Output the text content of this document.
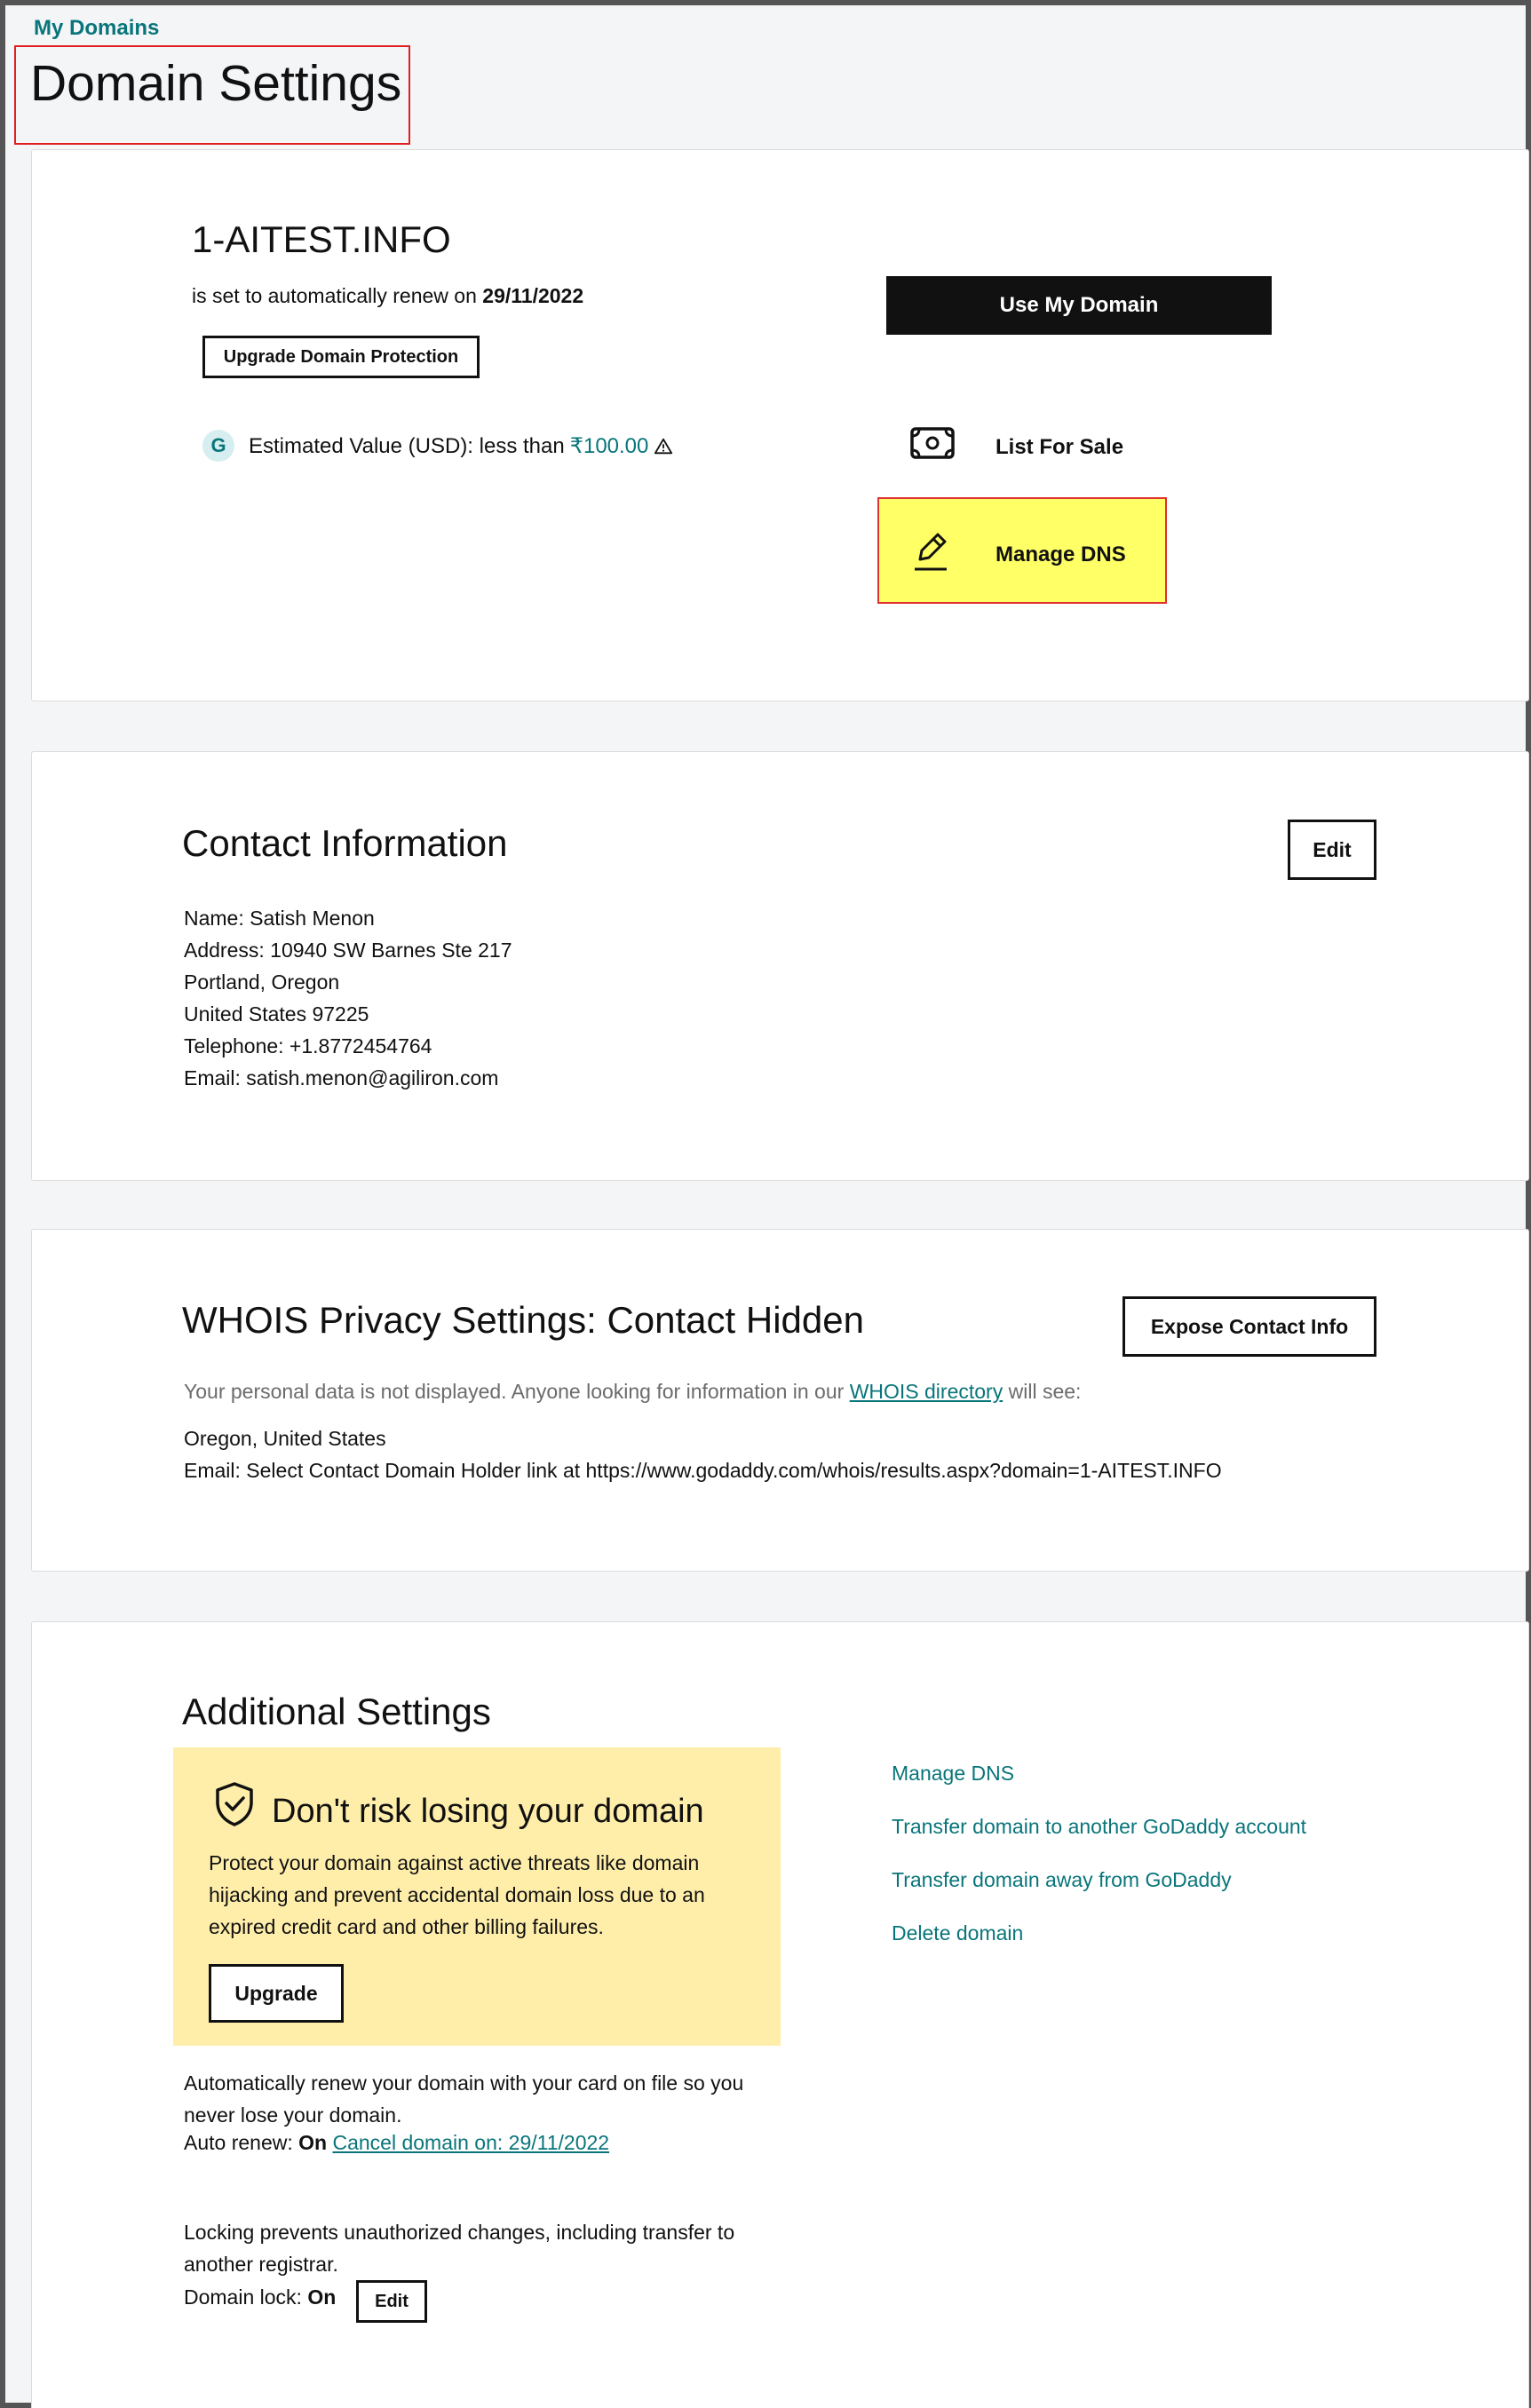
My Domains
Domain Settings
1-AITEST.INFO
is set to automatically renew on 29/11/2022
Upgrade Domain Protection
G	Estimated Value (USD): less than ₹100.00
Use My Domain
List For Sale
Manage DNS
Contact Information	Edit
Name: Satish Menon
Address: 10940 SW Barnes Ste 217
Portland, Oregon
United States 97225
Telephone: +1.8772454764
Email: satish.menon@agiliron.com
WHOIS Privacy Settings: Contact Hidden	Expose Contact Info
Your personal data is not displayed. Anyone looking for information in our WHOIS directory will see:
Oregon, United States
Email: Select Contact Domain Holder link at https://www.godaddy.com/whois/results.aspx?domain=1-AITEST.INFO
Additional Settings
Don't risk losing your domain
Protect your domain against active threats like domain hijacking and prevent accidental domain loss due to an expired credit card and other billing failures.
Upgrade
Manage DNS
Transfer domain to another GoDaddy account
Transfer domain away from GoDaddy
Delete domain
Automatically renew your domain with your card on file so you never lose your domain.
Auto renew: On Cancel domain on: 29/11/2022
Locking prevents unauthorized changes, including transfer to another registrar.
Domain lock: On	Edit
